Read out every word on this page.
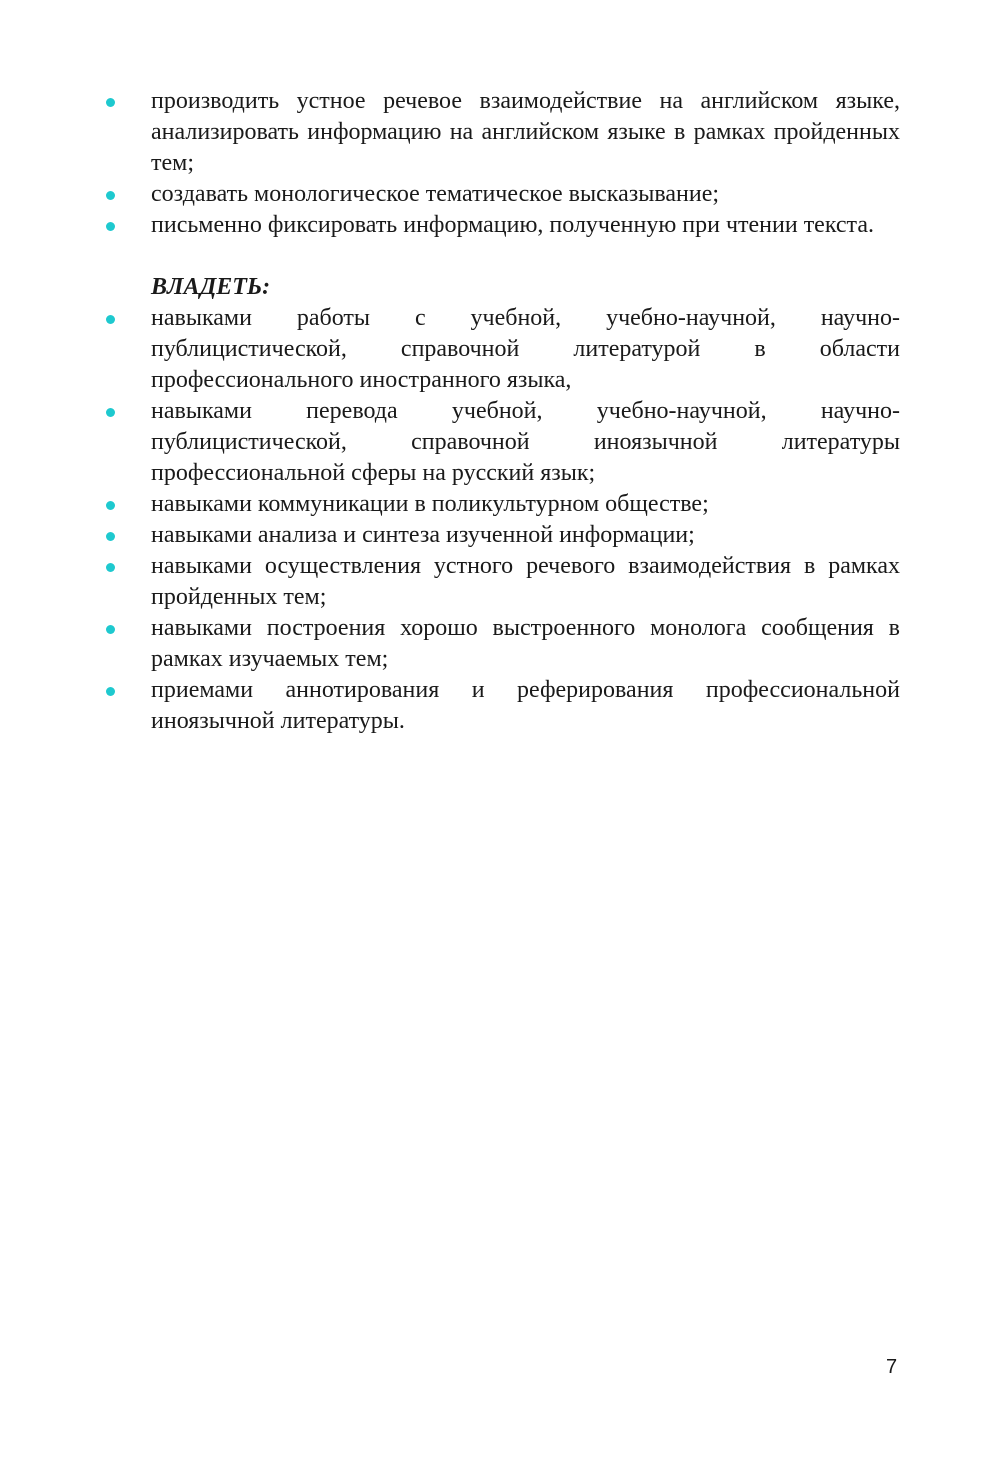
производить устное речевое взаимодействие на английском языке, анализировать информацию на английском языке в рамках пройденных тем;
создавать монологическое тематическое высказывание;
письменно фиксировать информацию, полученную при чтении текста.
ВЛАДЕТЬ:
навыками работы с учебной, учебно-научной, научно-публицистической, справочной литературой в области профессионального иностранного языка,
навыками перевода учебной, учебно-научной, научно-публицистической, справочной иноязычной литературы профессиональной сферы на русский язык;
навыками коммуникации в поликультурном обществе;
навыками анализа и синтеза изученной информации;
навыками осуществления устного речевого взаимодействия в рамках пройденных тем;
навыками построения хорошо выстроенного монолога сообщения в рамках изучаемых тем;
приемами аннотирования и реферирования профессиональной иноязычной литературы.
7
